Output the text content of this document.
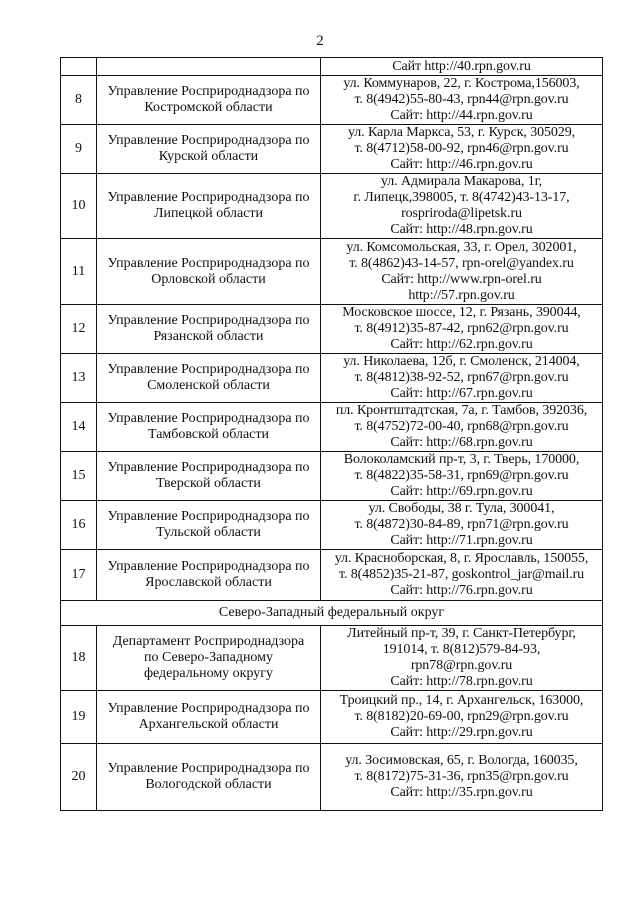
2

		Сайт http://40.rpn.gov.ru

8	Управление Росприроднадзора по
Костромской области	ул. Коммунаров, 22, г. Кострома,156003,
т. 8(4942)55-80-43, rpn44@rpn.gov.ru
Сайт: http://44.rpn.gov.ru

9	Управление Росприроднадзора по
Курской области	ул. Карла Маркса, 53, г. Курск, 305029,
т. 8(4712)58-00-92, rpn46@rpn.gov.ru
Сайт: http://46.rpn.gov.ru

10	Управление Росприроднадзора по
Липецкой области	ул. Адмирала Макарова, 1г,
г. Липецк,398005, т. 8(4742)43-13-17,
rospriroda@lipetsk.ru
Сайт: http://48.rpn.gov.ru

11	Управление Росприроднадзора по
Орловской области	ул. Комсомольская, 33, г. Орел, 302001,
т. 8(4862)43-14-57, rpn-orel@yandex.ru
Сайт: http://www.rpn-orel.ru
http://57.rpn.gov.ru

12	Управление Росприроднадзора по
Рязанской области	Московское шоссе, 12, г. Рязань, 390044,
т. 8(4912)35-87-42, rpn62@rpn.gov.ru
Сайт: http://62.rpn.gov.ru

13	Управление Росприроднадзора по
Смоленской области	ул. Николаева, 12б, г. Смоленск, 214004,
т. 8(4812)38-92-52, rpn67@rpn.gov.ru
Сайт: http://67.rpn.gov.ru

14	Управление Росприроднадзора по
Тамбовской области	пл. Кронтштадтская, 7а, г. Тамбов, 392036,
т. 8(4752)72-00-40, rpn68@rpn.gov.ru
Сайт: http://68.rpn.gov.ru

15	Управление Росприроднадзора по
Тверской области	Волоколамский пр-т, 3, г. Тверь, 170000,
т. 8(4822)35-58-31, rpn69@rpn.gov.ru
Сайт: http://69.rpn.gov.ru

16	Управление Росприроднадзора по
Тульской области	ул. Свободы, 38 г. Тула, 300041,
т. 8(4872)30-84-89, rpn71@rpn.gov.ru
Сайт: http://71.rpn.gov.ru

17	Управление Росприроднадзора по
Ярославской области	ул. Красноборская, 8, г. Ярославль, 150055,
т. 8(4852)35-21-87, goskontrol_jar@mail.ru
Сайт: http://76.rpn.gov.ru

Северо-Западный федеральный округ		
18	Департамент Росприроднадзора
по Северо-Западному
федеральному округу	Литейный пр-т, 39, г. Санкт-Петербург,
191014, т. 8(812)579-84-93,
rpn78@rpn.gov.ru
Сайт: http://78.rpn.gov.ru

19	Управление Росприроднадзора по
Архангельской области	Троицкий пр., 14, г. Архангельск, 163000,
т. 8(8182)20-69-00, rpn29@rpn.gov.ru
Сайт: http://29.rpn.gov.ru

20	Управление Росприроднадзора по
Вологодской области	ул. Зосимовская, 65, г. Вологда, 160035,
т. 8(8172)75-31-36, rpn35@rpn.gov.ru
Сайт: http://35.rpn.gov.ru
